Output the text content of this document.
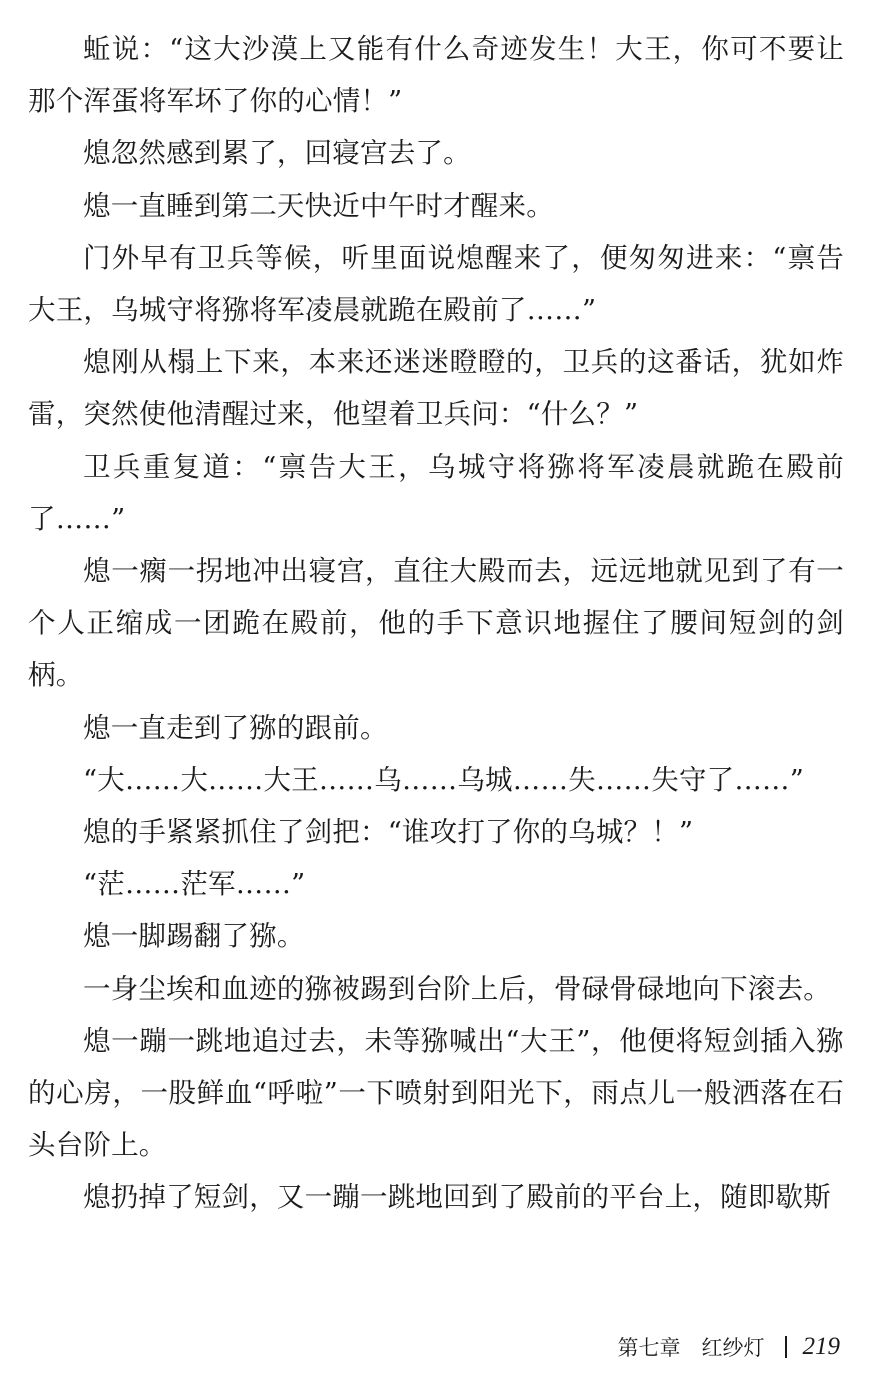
蚯说：“这大沙漠上又能有什么奇迹发生！大王，你可不要让那个浑蛋将军坏了你的心情！”

熄忽然感到累了，回寝宫去了。

熄一直睡到第二天快近中午时才醒来。

门外早有卫兵等候，听里面说熄醒来了，便匆匆进来：“禀告大王，乌城守将猕将军凌晨就跪在殿前了……”

熄刚从榻上下来，本来还迷迷瞪瞪的，卫兵的这番话，犹如炸雷，突然使他清醒过来，他望着卫兵问：“什么？”

卫兵重复道：“禀告大王，乌城守将猕将军凌晨就跪在殿前了……”

熄一瘸一拐地冲出寝宫，直往大殿而去，远远地就见到了有一个人正缩成一团跪在殿前，他的手下意识地握住了腰间短剑的剑柄。

熄一直走到了猕的跟前。

“大……大……大王……乌……乌城……失……失守了……”

熄的手紧紧抓住了剑把：“谁攻打了你的乌城？！”

“茫……茫军……”

熄一脚踢翻了猕。

一身尘埃和血迹的猕被踢到台阶上后，骨碌骨碌地向下滚去。

熄一蹦一跳地追过去，未等猕喊出“大王”，他便将短剑插入猕的心房，一股鲜血“呼啦”一下喷射到阳光下，雨点儿一般洒落在石头台阶上。

熄扔掉了短剑，又一蹦一跳地回到了殿前的平台上，随即歇斯

第七章　红纱灯 219
